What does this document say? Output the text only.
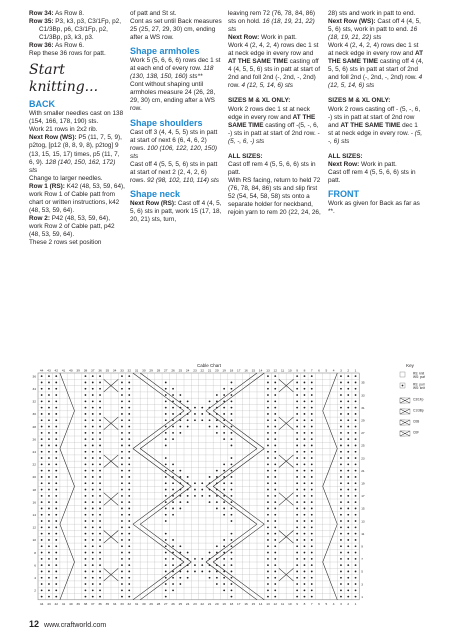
Row 34: As Row 8.

Row 35: P3, k3, p3, C3/1Fp, p2, C1/3Bp, p6, C3/1Fp, p2, C1/3Bp, p3, k3, p3.

Row 36: As Row 6.

Rep these 36 rows for patt.

Start knitting...

BACK

With smaller needles cast on 138 (154, 166, 178, 190) sts.

Work 21 rows in 2x2 rib.

Next Row (WS): P5 (11, 7, 5, 9), p2tog, [p12 (8, 8, 9, 8), p2tog] 9 (13, 15, 15, 17) times, p5 (11, 7, 6, 9). 128 (140, 150, 162, 172) sts

Change to larger needles.

Row 1 (RS): K42 (48, 53, 59, 64), work Row 1 of Cable patt from chart or written instructions, k42 (48, 53, 59, 64).

Row 2: P42 (48, 53, 59, 64), work Row 2 of Cable patt, p42 (48, 53, 59, 64).

These 2 rows set position

of patt and St st.

Cont as set until Back measures 25 (25, 27, 29, 30) cm, ending after a WS row.

Shape armholes

Work 5 (5, 6, 6, 6) rows dec 1 st at each end of every row. 118 (130, 138, 150, 160) sts**

Cont without shaping until armholes measure 24 (26, 28, 29, 30) cm, ending after a WS row.

Shape shoulders

Cast off 3 (4, 4, 5, 5) sts in patt at start of next 6 (6, 4, 6, 2) rows. 100 (106, 122, 120, 150) sts

Cast off 4 (5, 5, 5, 6) sts in patt at start of next 2 (2, 4, 2, 6) rows. 92 (98, 102, 110, 114) sts

Shape neck

Next Row (RS): Cast off 4 (4, 5, 5, 6) sts in patt, work 15 (17, 18, 20, 21) sts, turn,

leaving rem 72 (76, 78, 84, 86) sts on hold. 16 (18, 19, 21, 22) sts

Next Row: Work in patt.

Work 4 (2, 4, 2, 4) rows dec 1 st at neck edge in every row and AT THE SAME TIME casting off 4 (4, 5, 5, 6) sts in patt at start of 2nd and foll 2nd (-, 2nd, -, 2nd) row. 4 (12, 5, 14, 6) sts

SIZES M & XL ONLY:

Work 2 rows dec 1 st at neck edge in every row and AT THE SAME TIME casting off -(5, -, 6, -) sts in patt at start of 2nd row. - (5, -, 6, -) sts

ALL SIZES:

Cast off rem 4 (5, 5, 6, 6) sts in patt.

With RS facing, return to held 72 (76, 78, 84, 86) sts and slip first 52 (54, 54, 58, 58) sts onto a separate holder for neckband, rejoin yarn to rem 20 (22, 24, 26,

28) sts and work in patt to end.

Next Row (WS): Cast off 4 (4, 5, 5, 6) sts, work in patt to end. 16 (18, 19, 21, 22) sts

Work 4 (2, 4, 2, 4) rows dec 1 st at neck edge in every row and AT THE SAME TIME casting off 4 (4, 5, 5, 6) sts in patt at start of 2nd and foll 2nd (-, 2nd, -, 2nd) row. 4 (12, 5, 14, 6) sts

SIZES M & XL ONLY:

Work 2 rows casting off - (5, -, 6, -) sts in patt at start of 2nd row and AT THE SAME TIME dec 1 st at neck edge in every row. - (5, -, 6) sts

ALL SIZES:

Next Row: Work in patt.

Cast off rem 4 (5, 5, 6, 6) sts in patt.

FRONT

Work as given for Back as far as **.

Cable Chart	Key
44
44
43
43
42
42
41
41
40
40
39
39
38
38
37
37
36
36
35
35
34
34
33
33
32
32
31
31
30
30
29
29
28
28
27
27
26
26
25
25
24
24
23
23
22
22
21
21
20
20
19
19
18
18
17
17
16
16
15
15
14
14
13
13
12
12
11
11
10
10
9
9
8
8
7
7
6
6
5
5
4
4
3
3
2
2
1
1
36
35
34
33
32
31
30
29
28
27
26
25
24
23
22
21
20
19
18
17
16
15
14
13
12
11
10
9
8
7
6
5
4
3
2
1
RS: knit
WS: purl
RS: purl
WS: knit
C3/1Fp
C1/3Bp
C6B
C6F
12 www.craftworld.com
